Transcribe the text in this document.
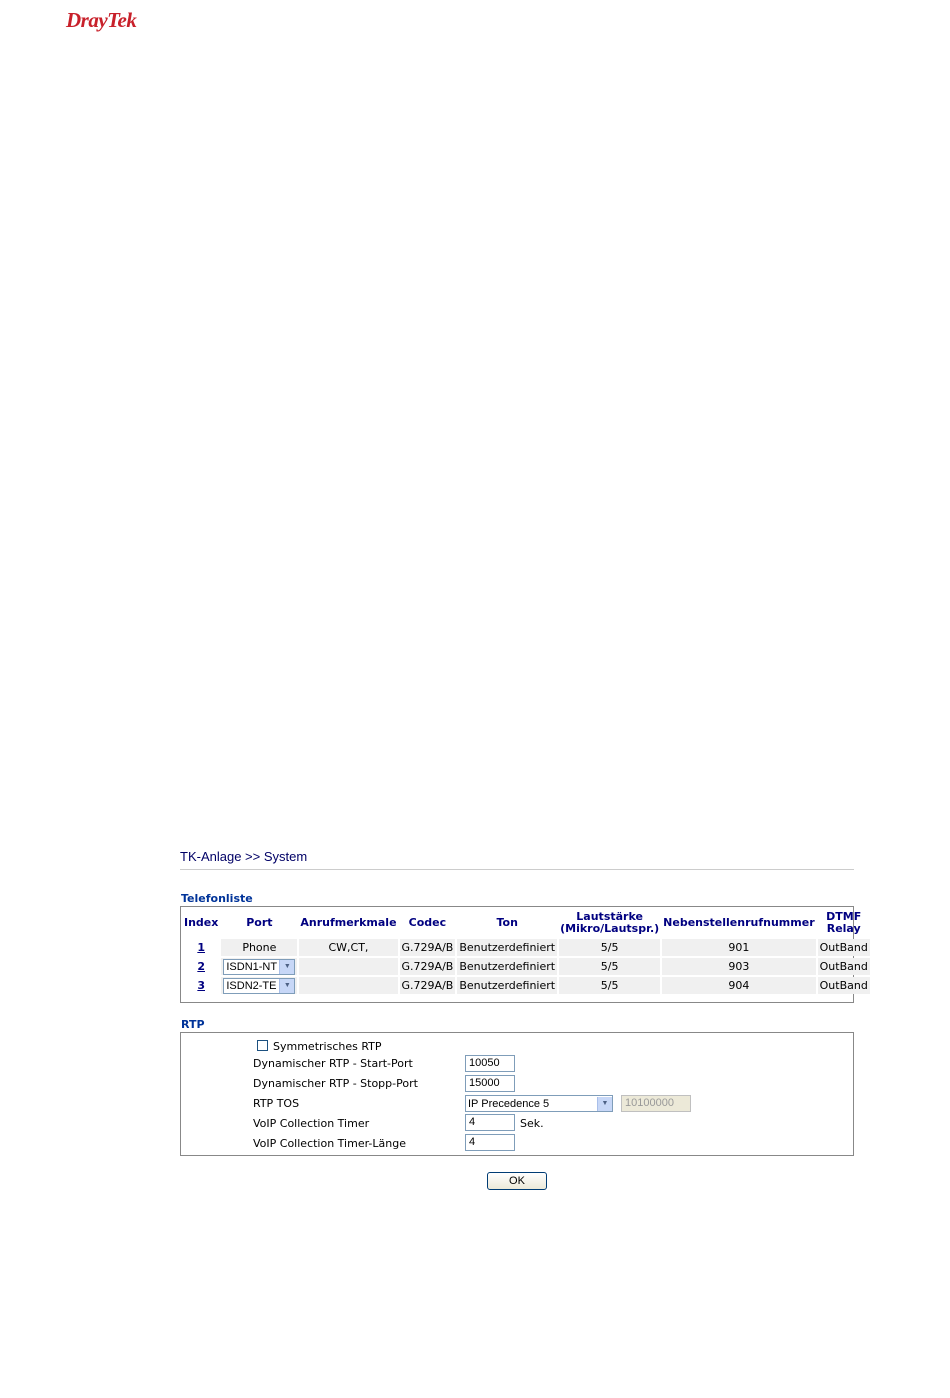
DrayTek
TK-Anlage >> System
Telefonliste
Index	Port	Anrufmerkmale	Codec	Ton	Lautstärke
(Mikro/Lautspr.)	Nebenstellenrufnummer	DTMF
Relay
1	Phone	CW,CT,	G.729A/B	Benutzerdefiniert	5/5	901	OutBand
2	ISDN1-NT ▼		G.729A/B	Benutzerdefiniert	5/5	903	OutBand
3	ISDN2-TE ▼		G.729A/B	Benutzerdefiniert	5/5	904	OutBand
RTP
Symmetrisches RTP
Dynamischer RTP - Start-Port	10050
Dynamischer RTP - Stopp-Port	15000
RTP TOS	IP Precedence 5	▼	10100000
VoIP Collection Timer	4	Sek.
VoIP Collection Timer-Länge	4
OK
